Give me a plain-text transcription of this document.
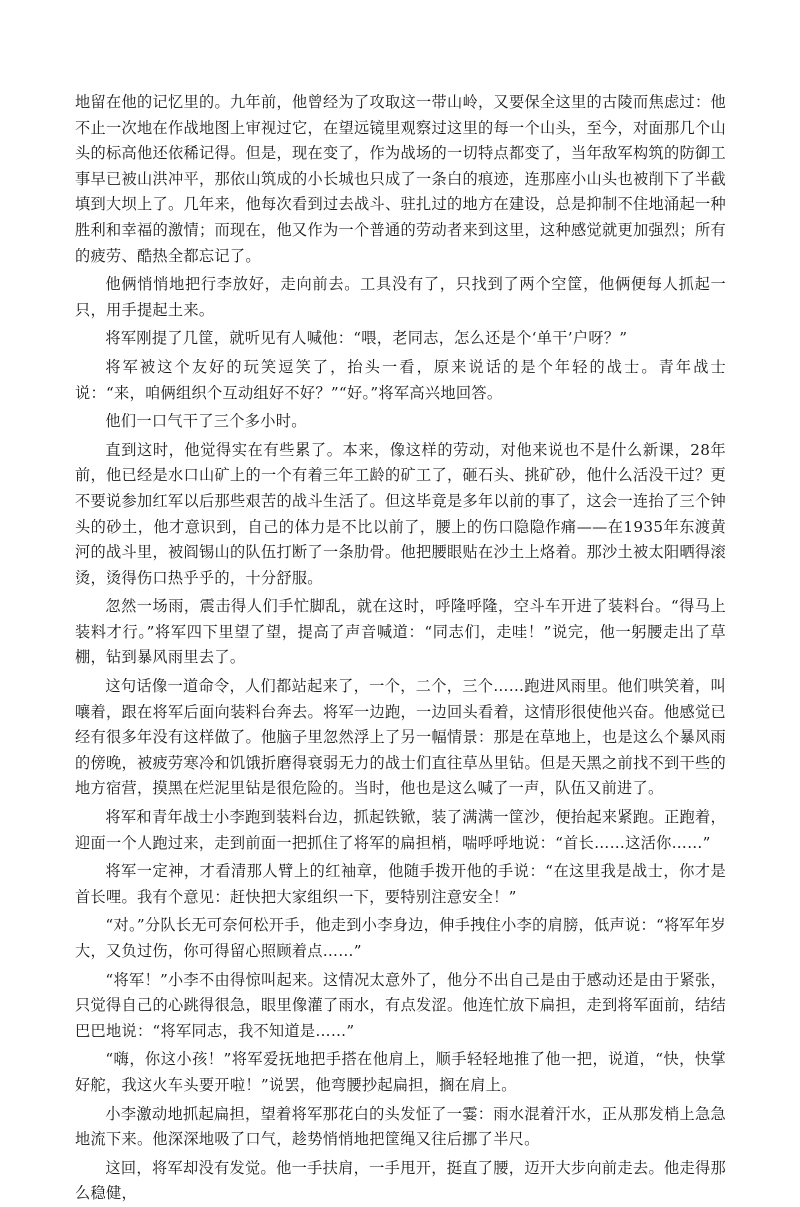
地留在他的记忆里的。九年前，他曾经为了攻取这一带山岭，又要保全这里的古陵而焦虑过：他不止一次地在作战地图上审视过它，在望远镜里观察过这里的每一个山头，至今，对面那几个山头的标高他还依稀记得。但是，现在变了，作为战场的一切特点都变了，当年敌军构筑的防御工事早已被山洪冲平，那依山筑成的小长城也只成了一条白的痕迹，连那座小山头也被削下了半截填到大坝上了。几年来，他每次看到过去战斗、驻扎过的地方在建设，总是抑制不住地涌起一种胜利和幸福的激情；而现在，他又作为一个普通的劳动者来到这里，这种感觉就更加强烈；所有的疲劳、酷热全都忘记了。

他俩悄悄地把行李放好，走向前去。工具没有了，只找到了两个空筐，他俩便每人抓起一只，用手提起土来。

将军刚提了几筐，就听见有人喊他：“喂，老同志，怎么还是个‘单干’户呀？”

将军被这个友好的玩笑逗笑了，抬头一看，原来说话的是个年轻的战士。青年战士说：“来，咱俩组织个互动组好不好？”“好。”将军高兴地回答。

他们一口气干了三个多小时。

直到这时，他觉得实在有些累了。本来，像这样的劳动，对他来说也不是什么新课，28年前，他已经是水口山矿上的一个有着三年工龄的矿工了，砸石头、挑矿砂，他什么活没干过？更不要说参加红军以后那些艰苦的战斗生活了。但这毕竟是多年以前的事了，这会一连抬了三个钟头的砂土，他才意识到，自己的体力是不比以前了，腰上的伤口隐隐作痛——在1935年东渡黄河的战斗里，被阎锡山的队伍打断了一条肋骨。他把腰眼贴在沙土上烙着。那沙土被太阳晒得滚烫，烫得伤口热乎乎的，十分舒服。

忽然一场雨，震击得人们手忙脚乱，就在这时，呼隆呼隆，空斗车开进了装料台。“得马上装料才行。”将军四下里望了望，提高了声音喊道：“同志们，走哇！”说完，他一躬腰走出了草棚，钻到暴风雨里去了。

这句话像一道命令，人们都站起来了，一个，二个，三个……跑进风雨里。他们哄笑着，叫嚷着，跟在将军后面向装料台奔去。将军一边跑，一边回头看着，这情形很使他兴奋。他感觉已经有很多年没有这样做了。他脑子里忽然浮上了另一幅情景：那是在草地上，也是这么个暴风雨的傍晚，被疲劳寒冷和饥饿折磨得衰弱无力的战士们直往草丛里钻。但是天黑之前找不到干些的地方宿营，摸黑在烂泥里钻是很危险的。当时，他也是这么喊了一声，队伍又前进了。

将军和青年战士小李跑到装料台边，抓起铁锨，装了满满一筐沙，便抬起来紧跑。正跑着，迎面一个人跑过来，走到前面一把抓住了将军的扁担梢，喘呼呼地说：“首长……这活你……”

将军一定神，才看清那人臂上的红袖章，他随手拨开他的手说：“在这里我是战士，你才是首长哩。我有个意见：赶快把大家组织一下，要特别注意安全！”

“对。”分队长无可奈何松开手，他走到小李身边，伸手拽住小李的肩膀，低声说：“将军年岁大，又负过伤，你可得留心照顾着点……”

“将军！”小李不由得惊叫起来。这情况太意外了，他分不出自己是由于感动还是由于紧张，只觉得自己的心跳得很急，眼里像灌了雨水，有点发涩。他连忙放下扁担，走到将军面前，结结巴巴地说：“将军同志，我不知道是……”

“嗨，你这小孩！”将军爱抚地把手搭在他肩上，顺手轻轻地推了他一把，说道，“快，快掌好舵，我这火车头要开啦！”说罢，他弯腰抄起扁担，搁在肩上。

小李激动地抓起扁担，望着将军那花白的头发怔了一霎：雨水混着汗水，正从那发梢上急急地流下来。他深深地吸了口气，趁势悄悄地把筐绳又往后挪了半尺。

这回，将军却没有发觉。他一手扶肩，一手甩开，挺直了腰，迈开大步向前走去。他走得那么稳健，
